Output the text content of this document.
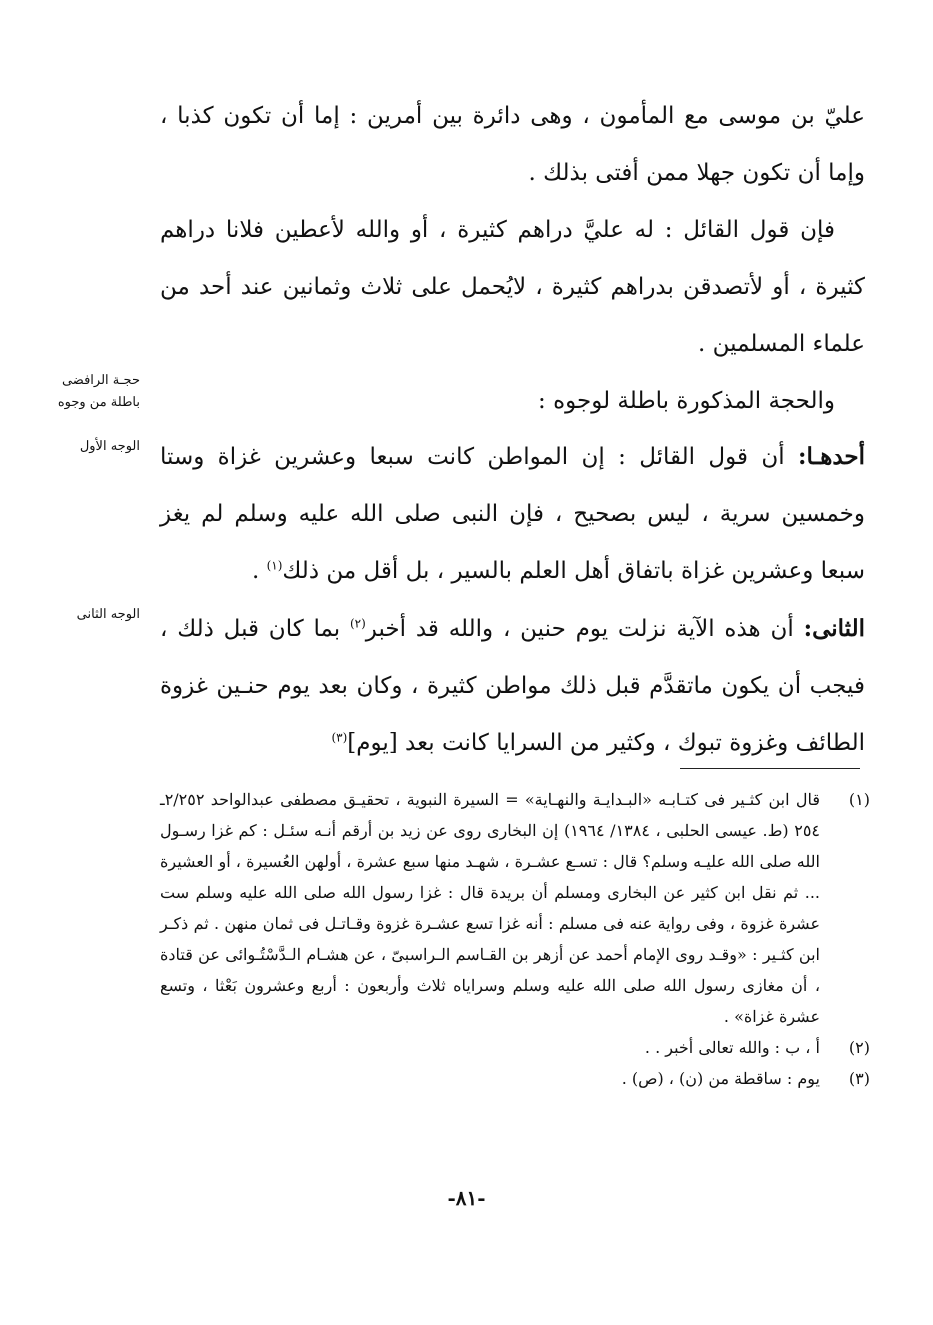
عليّ بن موسى مع المأمون ، وهى دائرة بين أمرين : إما أن تكون كذبا ، وإما أن تكون جهلا ممن أفتى بذلك .

فإن قول القائل : له عليَّ دراهم كثيرة ، أو والله لأعطين فلانا دراهم كثيرة ، أو لأتصدقن بدراهم كثيرة ، لايُحمل على ثلاث وثمانين عند أحد من علماء المسلمين .

والحجة المذكورة باطلة لوجوه :

أحدهـا: أن قول القائل : إن المواطن كانت سبعا وعشرين غزاة وستا وخمسين سرية ، ليس بصحيح ، فإن النبى صلى الله عليه وسلم لم يغز سبعا وعشرين غزاة باتفاق أهل العلم بالسير ، بل أقل من ذلك$^{(١)}$ .

الثانى: أن هذه الآية نزلت يوم حنين ، والله قد أخبر$^{(٢)}$ بما كان قبل ذلك ، فيجب أن يكون ماتقدَّم قبل ذلك مواطن كثيرة ، وكان بعد يوم حنـين غزوة الطائف وغزوة تبوك ، وكثير من السرايا كانت بعد [يوم]$^{(٣)}$

حجـة الرافضى باطلة من وجوه
الوجه الأول
الوجه الثانى
(١)
قال ابن كثـير فى كتـابـه «البـدايـة والنهـاية» = السيرة النبوية ، تحقيـق مصطفى عبدالواحد ٢/٢٥٢ـ ٢٥٤ (ط. عيسى الحلبى ، ١٣٨٤/ ١٩٦٤) إن البخارى روى عن زيد بن أرقم أنـه سئـل : كم غزا رسـول الله صلى الله عليـه وسلم؟ قال : تسـع عشـرة ، شهـد منها سبع عشرة ، أولهن العُسيرة ، أو العشيرة ... ثم نقل ابن كثير عن البخارى ومسلم أن بريدة قال : غزا رسول الله صلى الله عليه وسلم ست عشرة غزوة ، وفى رواية عنه فى مسلم : أنه غزا تسع عشـرة غزوة وقـاتـل فى ثمان منهن . ثم ذكـر ابن كثـير : «وقـد روى الإمام أحمد عن أزهر بن القـاسم الـراسبىّ ، عن هشـام الـدَّسْتُـوائى عن قتادة ، أن مغازى رسول الله صلى الله عليه وسلم وسراياه ثلاث وأربعون : أربع وعشرون بَعْثا ، وتسع عشرة غزاة» .
(٢)
أ ، ب : والله تعالى أخبر . .
(٣)
يوم : ساقطة من (ن) ، (ص) .
-٨١-
